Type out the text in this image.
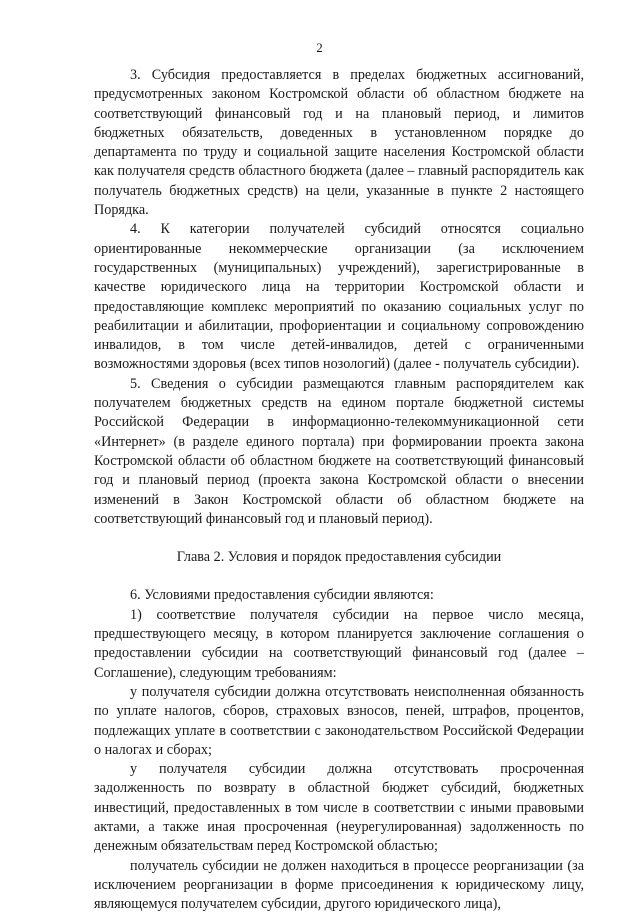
2

3. Субсидия предоставляется в пределах бюджетных ассигнований, предусмотренных законом Костромской области об областном бюджете на соответствующий финансовый год и на плановый период, и лимитов бюджетных обязательств, доведенных в установленном порядке до департамента по труду и социальной защите населения Костромской области как получателя средств областного бюджета (далее – главный распорядитель как получатель бюджетных средств) на цели, указанные в пункте 2 настоящего Порядка.

4. К категории получателей субсидий относятся социально ориентированные некоммерческие организации (за исключением государственных (муниципальных) учреждений), зарегистрированные в качестве юридического лица на территории Костромской области и предоставляющие комплекс мероприятий по оказанию социальных услуг по реабилитации и абилитации, профориентации и социальному сопровождению инвалидов, в том числе детей-инвалидов, детей с ограниченными возможностями здоровья (всех типов нозологий) (далее - получатель субсидии).

5. Сведения о субсидии размещаются главным распорядителем как получателем бюджетных средств на едином портале бюджетной системы Российской Федерации в информационно-телекоммуникационной сети «Интернет» (в разделе единого портала) при формировании проекта закона Костромской области об областном бюджете на соответствующий финансовый год и плановый период (проекта закона Костромской области о внесении изменений в Закон Костромской области об областном бюджете на соответствующий финансовый год и плановый период).

Глава 2. Условия и порядок предоставления субсидии

6. Условиями предоставления субсидии являются:

1) соответствие получателя субсидии на первое число месяца, предшествующего месяцу, в котором планируется заключение соглашения о предоставлении субсидии на соответствующий финансовый год (далее – Соглашение), следующим требованиям:

у получателя субсидии должна отсутствовать неисполненная обязанность по уплате налогов, сборов, страховых взносов, пеней, штрафов, процентов, подлежащих уплате в соответствии с законодательством Российской Федерации о налогах и сборах;

у получателя субсидии должна отсутствовать просроченная задолженность по возврату в областной бюджет субсидий, бюджетных инвестиций, предоставленных в том числе в соответствии с иными правовыми актами, а также иная просроченная (неурегулированная) задолженность по денежным обязательствам перед Костромской областью;

получатель субсидии не должен находиться в процессе реорганизации (за исключением реорганизации в форме присоединения к юридическому лицу, являющемуся получателем субсидии, другого юридического лица),
